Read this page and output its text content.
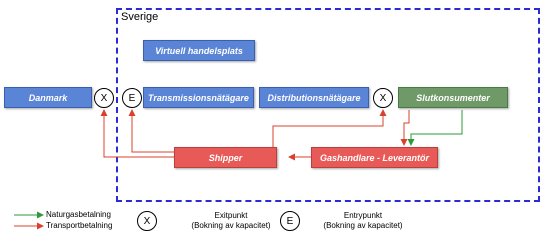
Sverige
Danmark
Virtuell handelsplats
Transmissionsnätägare Distributionsnätägare	Slutkonsumenter
Shipper	Gashandlare - Leverantör
X E	X
Naturgasbetalning
Transportbetalning	X	Exitpunkt
(Bokning av kapacitet)	E	Entrypunkt
(Bokning av kapacitet)
